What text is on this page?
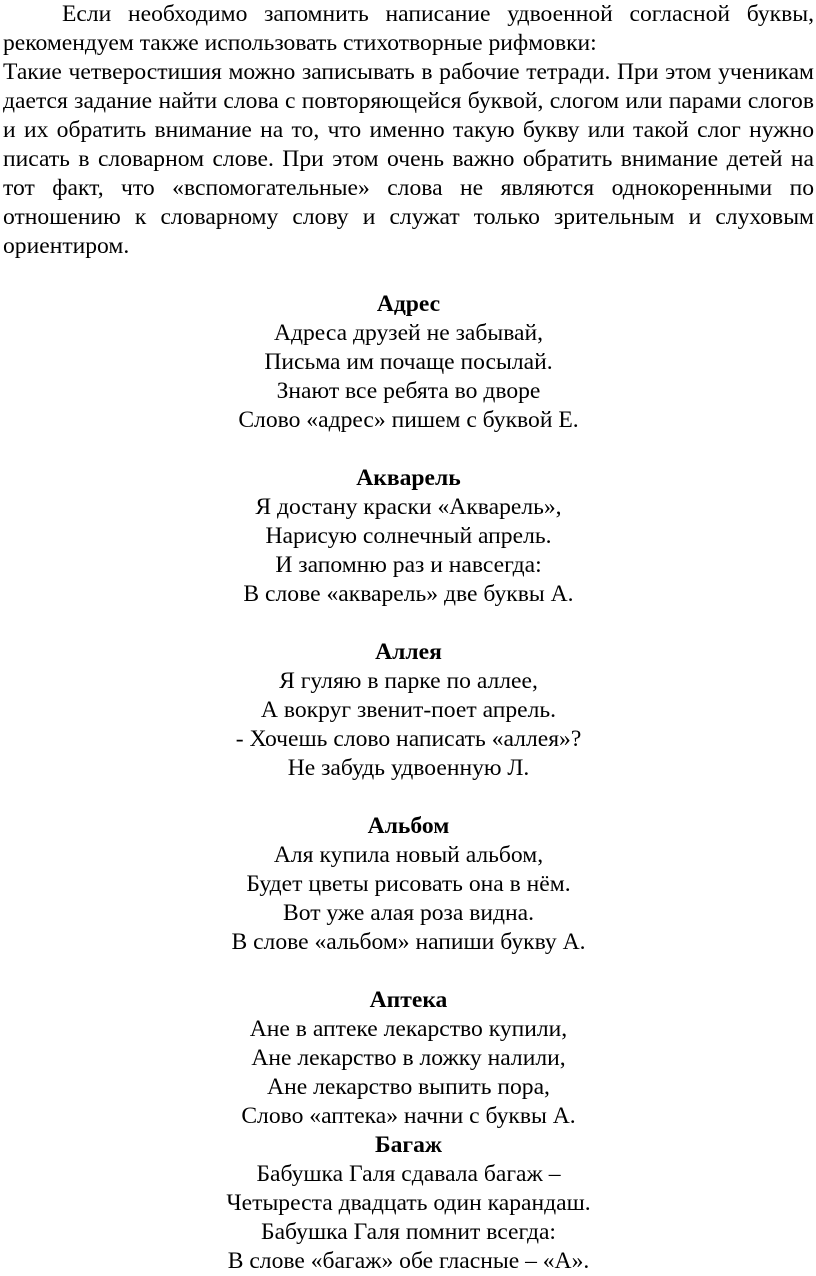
Если необходимо запомнить написание удвоенной согласной буквы, рекомендуем также использовать стихотворные рифмовки:

Такие четверостишия можно записывать в рабочие тетради. При этом ученикам дается задание найти слова с повторяющейся буквой, слогом или парами слогов и их обратить внимание на то, что именно такую букву или такой слог нужно писать в словарном слове. При этом очень важно обратить внимание детей на тот факт, что «вспомогательные» слова не являются однокоренными по отношению к словарному слову и служат только зрительным и слуховым ориентиром.

Адрес
Адреса друзей не забывай,
Письма им почаще посылай.
Знают все ребята во дворе
Слово «адрес» пишем с буквой Е.
Акварель
Я достану краски «Акварель»,
Нарисую солнечный апрель.
И запомню раз и навсегда:
В слове «акварель» две буквы А.
Аллея
Я гуляю в парке по аллее,
А вокруг звенит-поет апрель.
- Хочешь слово написать «аллея»?
Не забудь удвоенную Л.
Альбом
Аля купила новый альбом,
Будет цветы рисовать она в нём.
Вот уже алая роза видна.
В слове «альбом» напиши букву А.
Аптека
Ане в аптеке лекарство купили,
Ане лекарство в ложку налили,
Ане лекарство выпить пора,
Слово «аптека» начни с буквы А.
Багаж
Бабушка Галя сдавала багаж –
Четыреста двадцать один карандаш.
Бабушка Галя помнит всегда:
В слове «багаж» обе гласные – «А».
